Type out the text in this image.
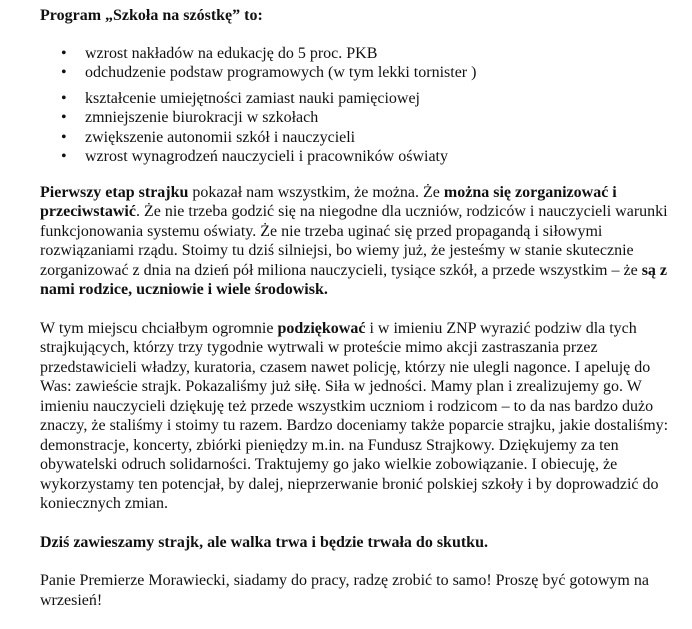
Program „Szkoła na szóstkę” to:
• wzrost nakładów na edukację do 5 proc. PKB
• odchudzenie podstaw programowych (w tym lekki tornister )
• kształcenie umiejętności zamiast nauki pamięciowej
• zmniejszenie biurokracji w szkołach
• zwiększenie autonomii szkół i nauczycieli
• wzrost wynagrodzeń nauczycieli i pracowników oświaty

Pierwszy etap strajku pokazał nam wszystkim, że można. Że można się zorganizować i przeciwstawić. Że nie trzeba godzić się na niegodne dla uczniów, rodziców i nauczycieli warunki funkcjonowania systemu oświaty. Że nie trzeba uginać się przed propagandą i siłowymi rozwiązaniami rządu. Stoimy tu dziś silniejsi, bo wiemy już, że jesteśmy w stanie skutecznie zorganizować z dnia na dzień pół miliona nauczycieli, tysiące szkół, a przede wszystkim – że są z nami rodzice, uczniowie i wiele środowisk.

W tym miejscu chciałbym ogromnie podziękować i w imieniu ZNP wyrazić podziw dla tych strajkujących, którzy trzy tygodnie wytrwali w proteście mimo akcji zastraszania przez przedstawicieli władzy, kuratoria, czasem nawet policję, którzy nie ulegli nagonce. I apeluję do Was: zawieście strajk. Pokazaliśmy już siłę. Siła w jedności. Mamy plan i zrealizujemy go. W imieniu nauczycieli dziękuję też przede wszystkim uczniom i rodzicom – to da nas bardzo dużo znaczy, że staliśmy i stoimy tu razem. Bardzo doceniamy także poparcie strajku, jakie dostaliśmy: demonstracje, koncerty, zbiórki pieniędzy m.in. na Fundusz Strajkowy. Dziękujemy za ten obywatelski odruch solidarności. Traktujemy go jako wielkie zobowiązanie. I obiecuję, że wykorzystamy ten potencjał, by dalej, nieprzerwanie bronić polskiej szkoły i by doprowadzić do koniecznych zmian.

Dziś zawieszamy strajk, ale walka trwa i będzie trwała do skutku.

Panie Premierze Morawiecki, siadamy do pracy, radzę zrobić to samo! Proszę być gotowym na wrzesień!
